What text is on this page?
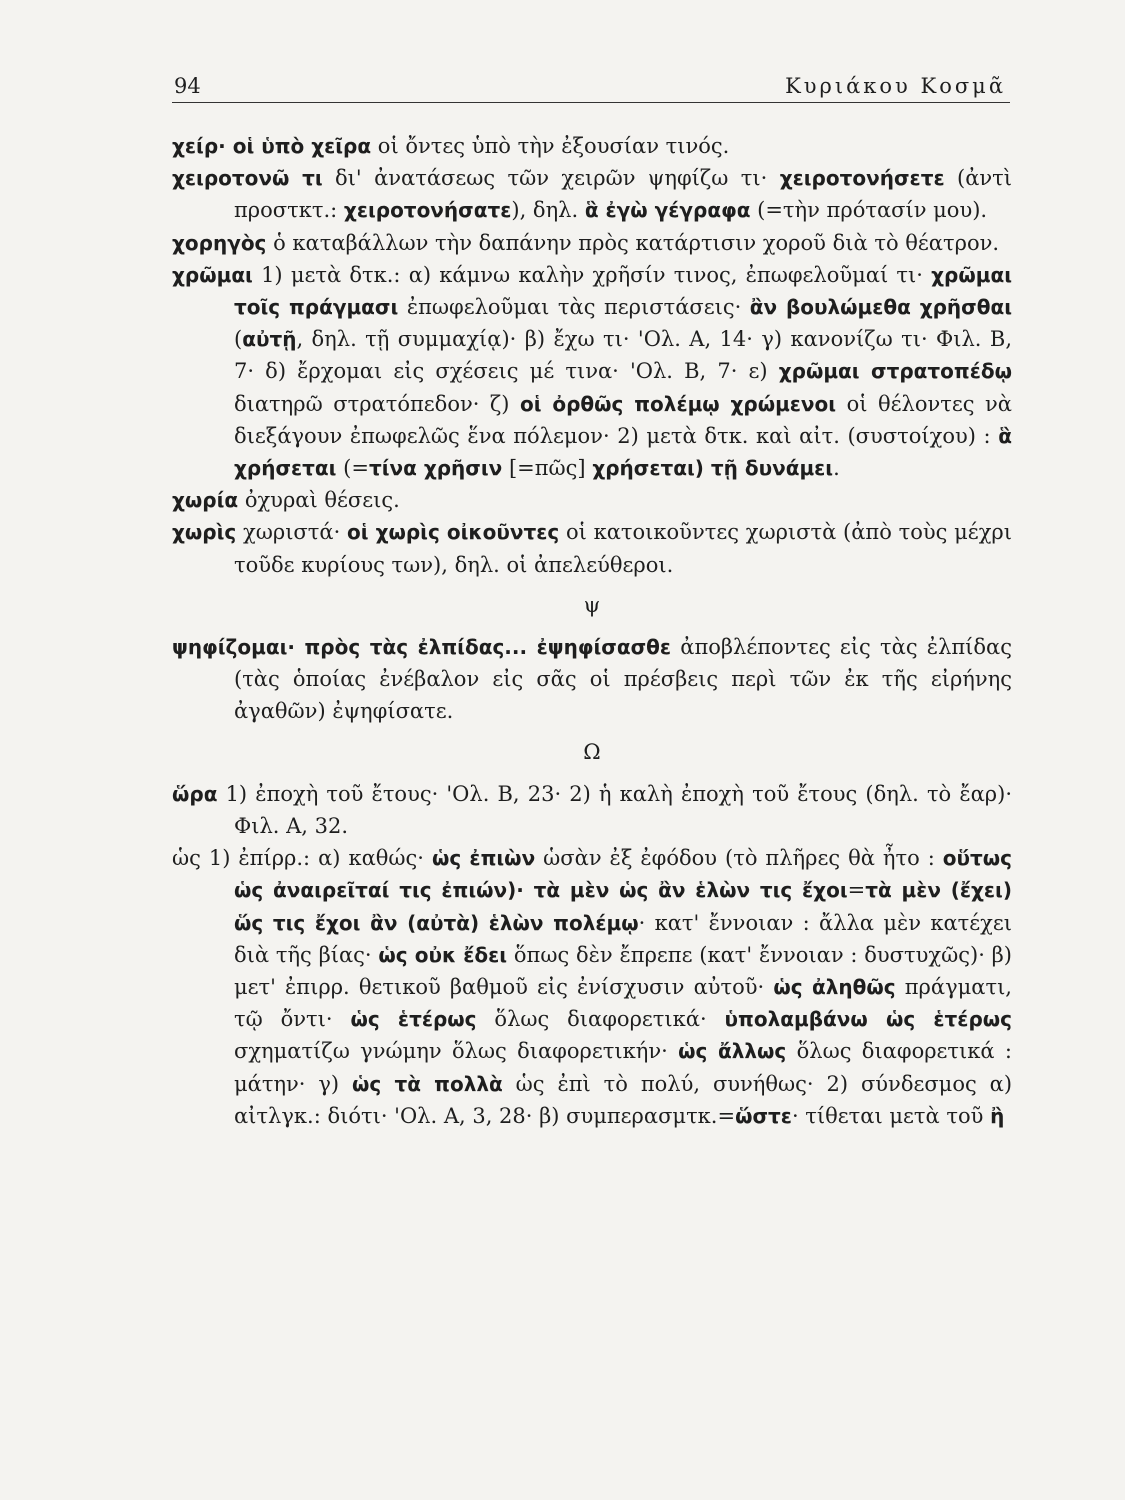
94	Κυριάκου Κοσμᾶ

χείρ· οἱ ὑπὸ χεῖρα οἱ ὄντες ὑπὸ τὴν ἐξουσίαν τινός.

χειροτονῶ τι δι' ἀνατάσεως τῶν χειρῶν ψηφίζω τι· χειροτονήσετε (ἀντὶ προστκτ.: χειροτονήσατε), δηλ. ἃ ἐγὼ γέγραφα (=τὴν πρότασίν μου).

χορηγὸς ὁ καταβάλλων τὴν δαπάνην πρὸς κατάρτισιν χοροῦ διὰ τὸ θέατρον.

χρῶμαι 1) μετὰ δτκ.: α) κάμνω καλὴν χρῆσίν τινος, ἐπωφελοῦμαί τι· χρῶμαι τοῖς πράγμασι ἐπωφελοῦμαι τὰς περιστάσεις· ἂν βουλώμεθα χρῆσθαι (αὐτῇ, δηλ. τῇ συμμαχίᾳ)· β) ἔχω τι· 'Ολ. Α, 14· γ) κανονίζω τι· Φιλ. Β, 7· δ) ἔρχομαι εἰς σχέσεις μέ τινα· 'Ολ. Β, 7· ε) χρῶμαι στρατοπέδῳ διατηρῶ στρατόπεδον· ζ) οἱ ὀρθῶς πολέμῳ χρώμενοι οἱ θέλοντες νὰ διεξάγουν ἐπωφελῶς ἕνα πόλεμον· 2) μετὰ δτκ. καὶ αἰτ. (συστοίχου) : ἃ χρήσεται (=τίνα χρῆσιν [=πῶς] χρήσεται) τῇ δυνάμει.

χωρία ὀχυραὶ θέσεις.

χωρὶς χωριστά· οἱ χωρὶς οἰκοῦντες οἱ κατοικοῦντες χωριστὰ (ἀπὸ τοὺς μέχρι τοῦδε κυρίους των), δηλ. οἱ ἀπελεύθεροι.

ψ

ψηφίζομαι· πρὸς τὰς ἐλπίδας... ἐψηφίσασθε ἀποβλέποντες εἰς τὰς ἐλπίδας (τὰς ὁποίας ἐνέβαλον εἰς σᾶς οἱ πρέσβεις περὶ τῶν ἐκ τῆς εἰρήνης ἀγαθῶν) ἐψηφίσατε.

Ω

ὥρα 1) ἐποχὴ τοῦ ἔτους· 'Ολ. Β, 23· 2) ἡ καλὴ ἐποχὴ τοῦ ἔτους (δηλ. τὸ ἔαρ)· Φιλ. Α, 32.

ὡς 1) ἐπίρρ.: α) καθώς· ὡς ἐπιὼν ὡσὰν ἐξ ἐφόδου (τὸ πλῆρες θὰ ἦτο : οὕτως ὡς ἀναιρεῖταί τις ἐπιών)· τὰ μὲν ὡς ἂν ἑλὼν τις ἔχοι=τὰ μὲν (ἔχει) ὥς τις ἔχοι ἂν (αὐτὰ) ἑλὼν πολέμῳ· κατ' ἔννοιαν : ἄλλα μὲν κατέχει διὰ τῆς βίας· ὡς οὐκ ἔδει ὅπως δὲν ἔπρεπε (κατ' ἔννοιαν : δυστυχῶς)· β) μετ' ἐπιρρ. θετικοῦ βαθμοῦ εἰς ἐνίσχυσιν αὐτοῦ· ὡς ἀληθῶς πράγματι, τῷ ὄντι· ὡς ἑτέρως ὅλως διαφορετικά· ὑπολαμβάνω ὡς ἑτέρως σχηματίζω γνώμην ὅλως διαφορετικήν· ὡς ἄλλως ὅλως διαφορετικά : μάτην· γ) ὡς τὰ πολλὰ ὡς ἐπὶ τὸ πολύ, συνήθως· 2) σύνδεσμος α) αἰτλγκ.: διότι· 'Ολ. Α, 3, 28· β) συμπερασμτκ.=ὥστε· τίθεται μετὰ τοῦ ἢ
